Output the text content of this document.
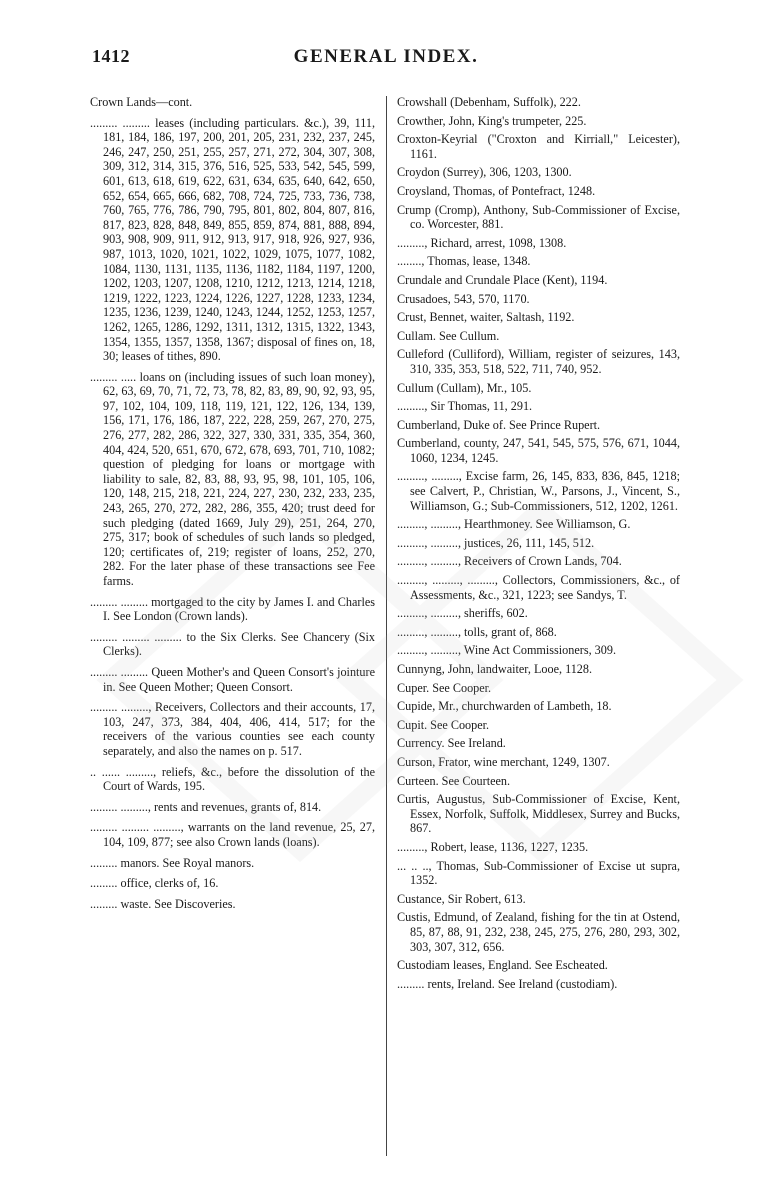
1412	GENERAL INDEX.
Crown Lands—cont.
......... ......... leases (including particulars. &c.), 39, 111, 181, 184, 186, 197, 200, 201, 205, 231, 232, 237, 245, 246, 247, 250, 251, 255, 257, 271, 272, 304, 307, 308, 309, 312, 314, 315, 376, 516, 525, 533, 542, 545, 599, 601, 613, 618, 619, 622, 631, 634, 635, 640, 642, 650, 652, 654, 665, 666, 682, 708, 724, 725, 733, 736, 738, 760, 765, 776, 786, 790, 795, 801, 802, 804, 807, 816, 817, 823, 828, 848, 849, 855, 859, 874, 881, 888, 894, 903, 908, 909, 911, 912, 913, 917, 918, 926, 927, 936, 987, 1013, 1020, 1021, 1022, 1029, 1075, 1077, 1082, 1084, 1130, 1131, 1135, 1136, 1182, 1184, 1197, 1200, 1202, 1203, 1207, 1208, 1210, 1212, 1213, 1214, 1218, 1219, 1222, 1223, 1224, 1226, 1227, 1228, 1233, 1234, 1235, 1236, 1239, 1240, 1243, 1244, 1252, 1253, 1257, 1262, 1265, 1286, 1292, 1311, 1312, 1315, 1322, 1343, 1354, 1355, 1357, 1358, 1367; disposal of fines on, 18, 30; leases of tithes, 890.
......... ..... loans on (including issues of such loan money), 62, 63, 69, 70, 71, 72, 73, 78, 82, 83, 89, 90, 92, 93, 95, 97, 102, 104, 109, 118, 119, 121, 122, 126, 134, 139, 156, 171, 176, 186, 187, 222, 228, 259, 267, 270, 275, 276, 277, 282, 286, 322, 327, 330, 331, 335, 354, 360, 404, 424, 520, 651, 670, 672, 678, 693, 701, 710, 1082; question of pledging for loans or mortgage with liability to sale, 82, 83, 88, 93, 95, 98, 101, 105, 106, 120, 148, 215, 218, 221, 224, 227, 230, 232, 233, 235, 243, 265, 270, 272, 282, 286, 355, 420; trust deed for such pledging (dated 1669, July 29), 251, 264, 270, 275, 317; book of schedules of such lands so pledged, 120; certificates of, 219; register of loans, 252, 270, 282. For the later phase of these transactions see Fee farms.
......... ......... mortgaged to the city by James I. and Charles I. See London (Crown lands).
......... ......... ......... to the Six Clerks. See Chancery (Six Clerks).
......... ......... Queen Mother's and Queen Consort's jointure in. See Queen Mother; Queen Consort.
......... ........., Receivers, Collectors and their accounts, 17, 103, 247, 373, 384, 404, 406, 414, 517; for the receivers of the various counties see each county separately, and also the names on p. 517.
.. ...... ........., reliefs, &c., before the dissolution of the Court of Wards, 195.
......... ........., rents and revenues, grants of, 814.
......... ......... ........., warrants on the land revenue, 25, 27, 104, 109, 877; see also Crown lands (loans).
......... manors. See Royal manors.
......... office, clerks of, 16.
......... waste. See Discoveries.
Crowshall (Debenham, Suffolk), 222.
Crowther, John, King's trumpeter, 225.
Croxton-Keyrial ("Croxton and Kirriall," Leicester), 1161.
Croydon (Surrey), 306, 1203, 1300.
Croysland, Thomas, of Pontefract, 1248.
Crump (Cromp), Anthony, Sub-Commissioner of Excise, co. Worcester, 881.
........., Richard, arrest, 1098, 1308.
........, Thomas, lease, 1348.
Crundale and Crundale Place (Kent), 1194.
Crusadoes, 543, 570, 1170.
Crust, Bennet, waiter, Saltash, 1192.
Cullam. See Cullum.
Culleford (Culliford), William, register of seizures, 143, 310, 335, 353, 518, 522, 711, 740, 952.
Cullum (Cullam), Mr., 105.
........., Sir Thomas, 11, 291.
Cumberland, Duke of. See Prince Rupert.
Cumberland, county, 247, 541, 545, 575, 576, 671, 1044, 1060, 1234, 1245.
........., ........., Excise farm, 26, 145, 833, 836, 845, 1218; see Calvert, P., Christian, W., Parsons, J., Vincent, S., Williamson, G.; Sub-Commissioners, 512, 1202, 1261.
........., ........., Hearthmoney. See Williamson, G.
........., ........., justices, 26, 111, 145, 512.
........., ........., Receivers of Crown Lands, 704.
........., ........., ........., Collectors, Commissioners, &c., of Assessments, &c., 321, 1223; see Sandys, T.
........., ........., sheriffs, 602.
........., ........., tolls, grant of, 868.
........., ........., Wine Act Commissioners, 309.
Cunnyng, John, landwaiter, Looe, 1128.
Cuper. See Cooper.
Cupide, Mr., churchwarden of Lambeth, 18.
Cupit. See Cooper.
Currency. See Ireland.
Curson, Frator, wine merchant, 1249, 1307.
Curteen. See Courteen.
Curtis, Augustus, Sub-Commissioner of Excise, Kent, Essex, Norfolk, Suffolk, Middlesex, Surrey and Bucks, 867.
........., Robert, lease, 1136, 1227, 1235.
... .. .., Thomas, Sub-Commissioner of Excise ut supra, 1352.
Custance, Sir Robert, 613.
Custis, Edmund, of Zealand, fishing for the tin at Ostend, 85, 87, 88, 91, 232, 238, 245, 275, 276, 280, 293, 302, 303, 307, 312, 656.
Custodiam leases, England. See Escheated.
......... rents, Ireland. See Ireland (custodiam).
